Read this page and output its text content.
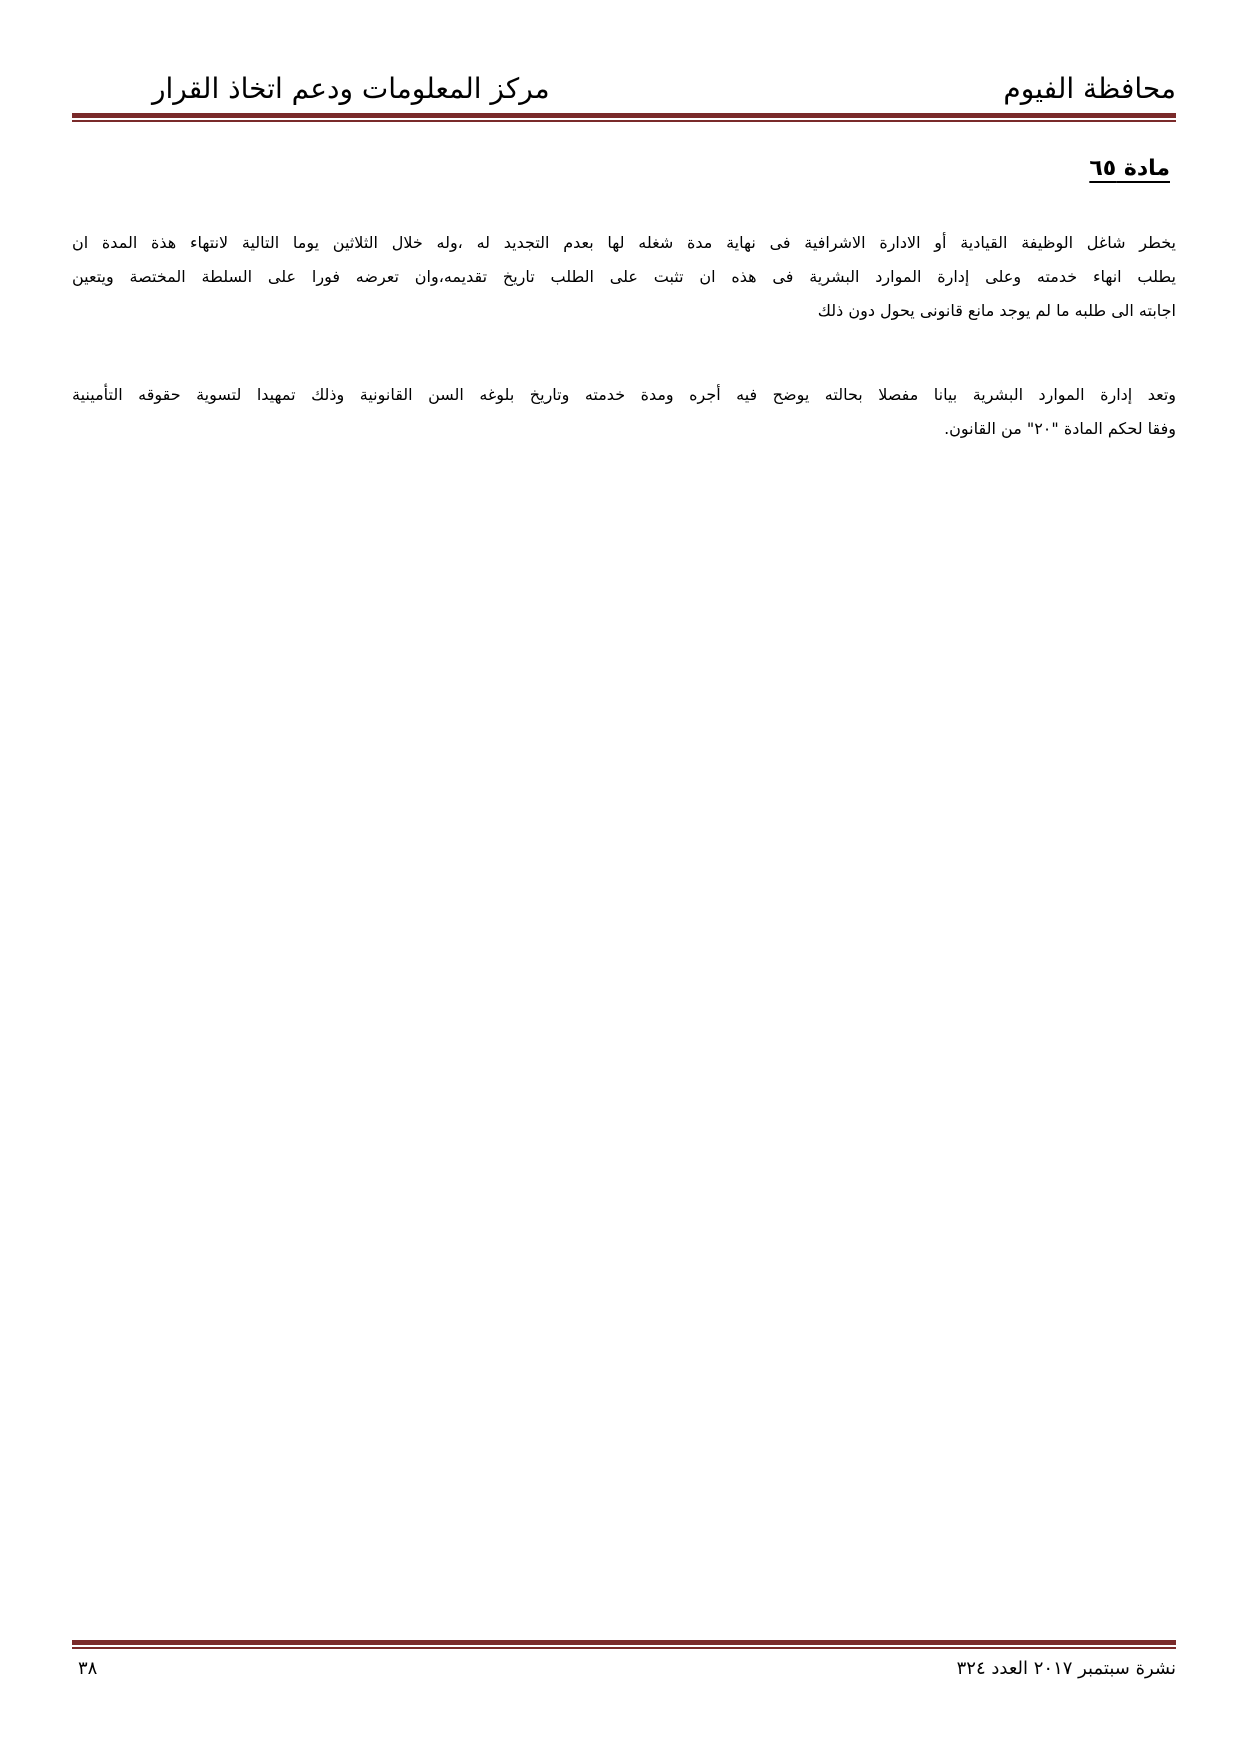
محافظة الفيوم
مركز المعلومات ودعم اتخاذ القرار
مادة ٦٥
يخطر شاغل الوظيفة القيادية أو الادارة الاشرافية فى نهاية مدة شغله لها بعدم التجديد له ،وله خلال الثلاثين يوما التالية لانتهاء هذة المدة ان
يطلب انهاء خدمته وعلى إدارة الموارد البشرية فى هذه ان تثبت على الطلب تاريخ تقديمه،وان تعرضه فورا على السلطة المختصة ويتعين
اجابته الى طلبه ما لم يوجد مانع قانونى يحول دون ذلك
وتعد إدارة الموارد البشرية بيانا مفصلا بحالته يوضح فيه أجره ومدة خدمته وتاريخ بلوغه السن القانونية وذلك تمهيدا لتسوية حقوقه التأمينية
وفقا لحكم المادة "٢٠" من القانون.
نشرة سبتمبر ٢٠١٧ العدد ٣٢٤
٣٨
